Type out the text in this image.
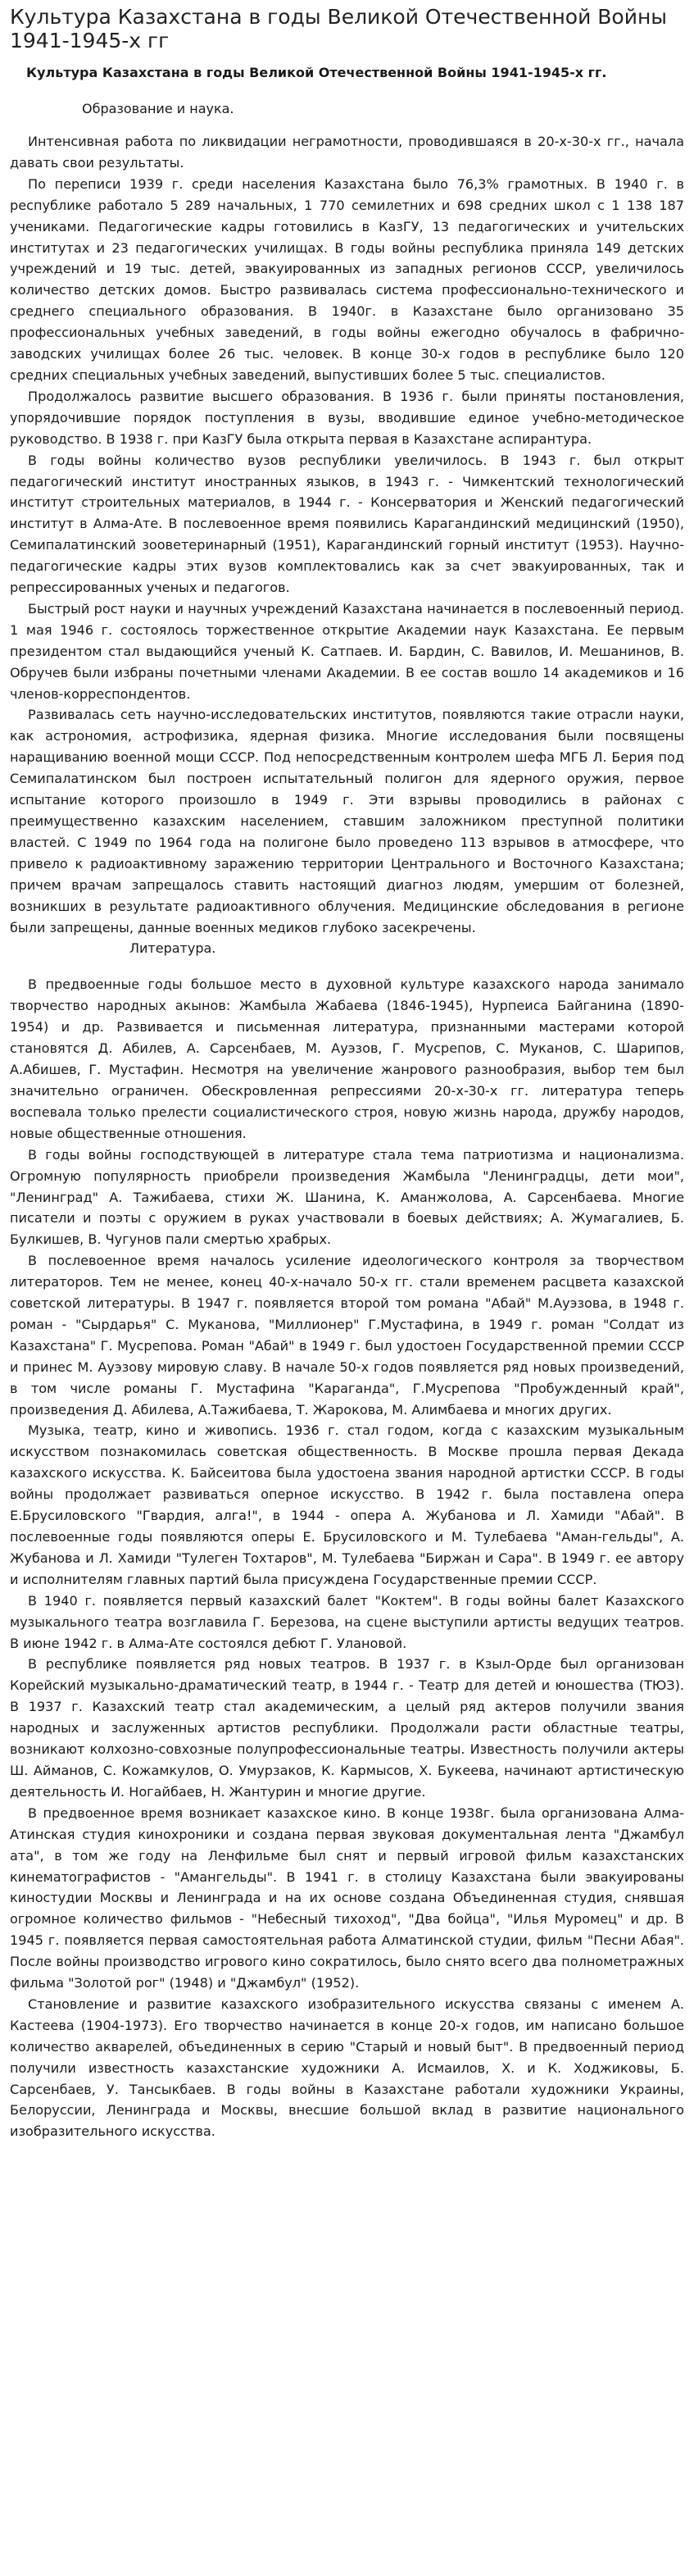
Культура Казахстана в годы Великой Отечественной Войны 1941-1945-х гг
Культура Казахстана в годы Великой Отечественной Войны 1941-1945-х гг.
Образование и наука.

Интенсивная работа по ликвидации неграмотности, проводившаяся в 20-х-30-х гг., начала давать свои результаты.

По переписи 1939 г. среди населения Казахстана было 76,3% грамотных. В 1940 г. в республике работало 5 289 начальных, 1 770 семилетних и 698 средних школ с 1 138 187 учениками. Педагогические кадры готовились в КазГУ, 13 педагогических и учительских институтах и 23 педагогических училищах. В годы войны республика приняла 149 детских учреждений и 19 тыс. детей, эвакуированных из западных регионов СССР, увеличилось количество детских домов. Быстро развивалась система профессионально-технического и среднего специального образования. В 1940г. в Казахстане было организовано 35 профессиональных учебных заведений, в годы войны ежегодно обучалось в фабрично-заводских училищах более 26 тыс. человек. В конце 30-х годов в республике было 120 средних специальных учебных заведений, выпустивших более 5 тыс. специалистов.

Продолжалось развитие высшего образования. В 1936 г. были приняты постановления, упорядочившие порядок поступления в вузы, вводившие единое учебно-методическое руководство. В 1938 г. при КазГУ была открыта первая в Казахстане аспирантура.

В годы войны количество вузов республики увеличилось. В 1943 г. был открыт педагогический институт иностранных языков, в 1943 г. - Чимкентский технологический институт строительных материалов, в 1944 г. - Консерватория и Женский педагогический институт в Алма-Ате. В послевоенное время появились Карагандинский медицинский (1950), Семипалатинский зооветеринарный (1951), Карагандинский горный институт (1953). Научно-педагогические кадры этих вузов комплектовались как за счет эвакуированных, так и репрессированных ученых и педагогов.

Быстрый рост науки и научных учреждений Казахстана начинается в послевоенный период. 1 мая 1946 г. состоялось торжественное открытие Академии наук Казахстана. Ее первым президентом стал выдающийся ученый К. Сатпаев. И. Бардин, С. Вавилов, И. Мешанинов, В. Обручев были избраны почетными членами Академии. В ее состав вошло 14 академиков и 16 членов-корреспондентов.

Развивалась сеть научно-исследовательских институтов, появляются такие отрасли науки, как астрономия, астрофизика, ядерная физика. Многие исследования были посвящены наращиванию военной мощи СССР. Под непосредственным контролем шефа МГБ Л. Берия под Семипалатинском был построен испытательный полигон для ядерного оружия, первое испытание которого произошло в 1949 г. Эти взрывы проводились в районах с преимущественно казахским населением, ставшим заложником преступной политики властей. С 1949 по 1964 года на полигоне было проведено 113 взрывов в атмосфере, что привело к радиоактивному заражению территории Центрального и Восточного Казахстана; причем врачам запрещалось ставить настоящий диагноз людям, умершим от болезней, возникших в результате радиоактивного облучения. Медицинские обследования в регионе были запрещены, данные военных медиков глубоко засекречены.

Литература.

В предвоенные годы большое место в духовной культуре казахского народа занимало творчество народных акынов: Жамбыла Жабаева (1846-1945), Нурпеиса Байганина (1890-1954) и др. Развивается и письменная литература, признанными мастерами которой становятся Д. Абилев, А. Сарсенбаев, М. Ауэзов, Г. Мусрепов, С. Муканов, С. Шарипов, А.Абишев, Г. Мустафин. Несмотря на увеличение жанрового разнообразия, выбор тем был значительно ограничен. Обескровленная репрессиями 20-х-30-х гг. литература теперь воспевала только прелести социалистического строя, новую жизнь народа, дружбу народов, новые общественные отношения.

В годы войны господствующей в литературе стала тема патриотизма и национализма. Огромную популярность приобрели произведения Жамбыла "Ленинградцы, дети мои", "Ленинград" А. Тажибаева, стихи Ж. Шанина, К. Аманжолова, А. Сарсенбаева. Многие писатели и поэты с оружием в руках участвовали в боевых действиях; А. Жумагалиев, Б. Булкишев, В. Чугунов пали смертью храбрых.

В послевоенное время началось усиление идеологического контроля за творчеством литераторов. Тем не менее, конец 40-х-начало 50-х гг. стали временем расцвета казахской советской литературы. В 1947 г. появляется второй том романа "Абай" М.Ауэзова, в 1948 г. роман - "Сырдарья" С. Муканова, "Миллионер" Г.Мустафина, в 1949 г. роман "Солдат из Казахстана" Г. Мусрепова. Роман "Абай" в 1949 г. был удостоен Государственной премии СССР и принес М. Ауэзову мировую славу. В начале 50-х годов появляется ряд новых произведений, в том числе романы Г. Мустафина "Караганда", Г.Мусрепова "Пробужденный край", произведения Д. Абилева, А.Тажибаева, Т. Жарокова, М. Алимбаева и многих других.

Музыка, театр, кино и живопись. 1936 г. стал годом, когда с казахским музыкальным искусством познакомилась советская общественность. В Москве прошла первая Декада казахского искусства. К. Байсеитова была удостоена звания народной артистки СССР. В годы войны продолжает развиваться оперное искусство. В 1942 г. была поставлена опера Е.Брусиловского "Гвардия, алга!", в 1944 - опера А. Жубанова и Л. Хамиди "Абай". В послевоенные годы появляются оперы Е. Брусиловского и М. Тулебаева "Аман-гельды", А. Жубанова и Л. Хамиди "Тулеген Тохтаров", М. Тулебаева "Биржан и Сара". В 1949 г. ее автору и исполнителям главных партий была присуждена Государственные премии СССР.

В 1940 г. появляется первый казахский балет "Коктем". В годы войны балет Казахского музыкального театра возглавила Г. Березова, на сцене выступили артисты ведущих театров. В июне 1942 г. в Алма-Ате состоялся дебют Г. Улановой.

В республике появляется ряд новых театров. В 1937 г. в Кзыл-Орде был организован Корейский музыкально-драматический театр, в 1944 г. - Театр для детей и юношества (ТЮЗ). В 1937 г. Казахский театр стал академическим, а целый ряд актеров получили звания народных и заслуженных артистов республики. Продолжали расти областные театры, возникают колхозно-совхозные полупрофессиональные театры. Известность получили актеры Ш. Айманов, С. Кожамкулов, О. Умурзаков, К. Кармысов, Х. Букеева, начинают артистическую деятельность И. Ногайбаев, Н. Жантурин и многие другие.

В предвоенное время возникает казахское кино. В конце 1938г. была организована Алма-Атинская студия кинохроники и создана первая звуковая документальная лента "Джамбул ата", в том же году на Ленфильме был снят и первый игровой фильм казахстанских кинематографистов - "Амангельды". В 1941 г. в столицу Казахстана были эвакуированы киностудии Москвы и Ленинграда и на их основе создана Объединенная студия, снявшая огромное количество фильмов - "Небесный тихоход", "Два бойца", "Илья Муромец" и др. В 1945 г. появляется первая самостоятельная работа Алматинской студии, фильм "Песни Абая". После войны производство игрового кино сократилось, было снято всего два полнометражных фильма "Золотой рог" (1948) и "Джамбул" (1952).

Становление и развитие казахского изобразительного искусства связаны с именем А. Кастеева (1904-1973). Его творчество начинается в конце 20-х годов, им написано большое количество акварелей, объединенных в серию "Старый и новый быт". В предвоенный период получили известность казахстанские художники А. Исмаилов, Х. и К. Ходжиковы, Б. Сарсенбаев, У. Тансыкбаев. В годы войны в Казахстане работали художники Украины, Белоруссии, Ленинграда и Москвы, внесшие большой вклад в развитие национального изобразительного искусства.
